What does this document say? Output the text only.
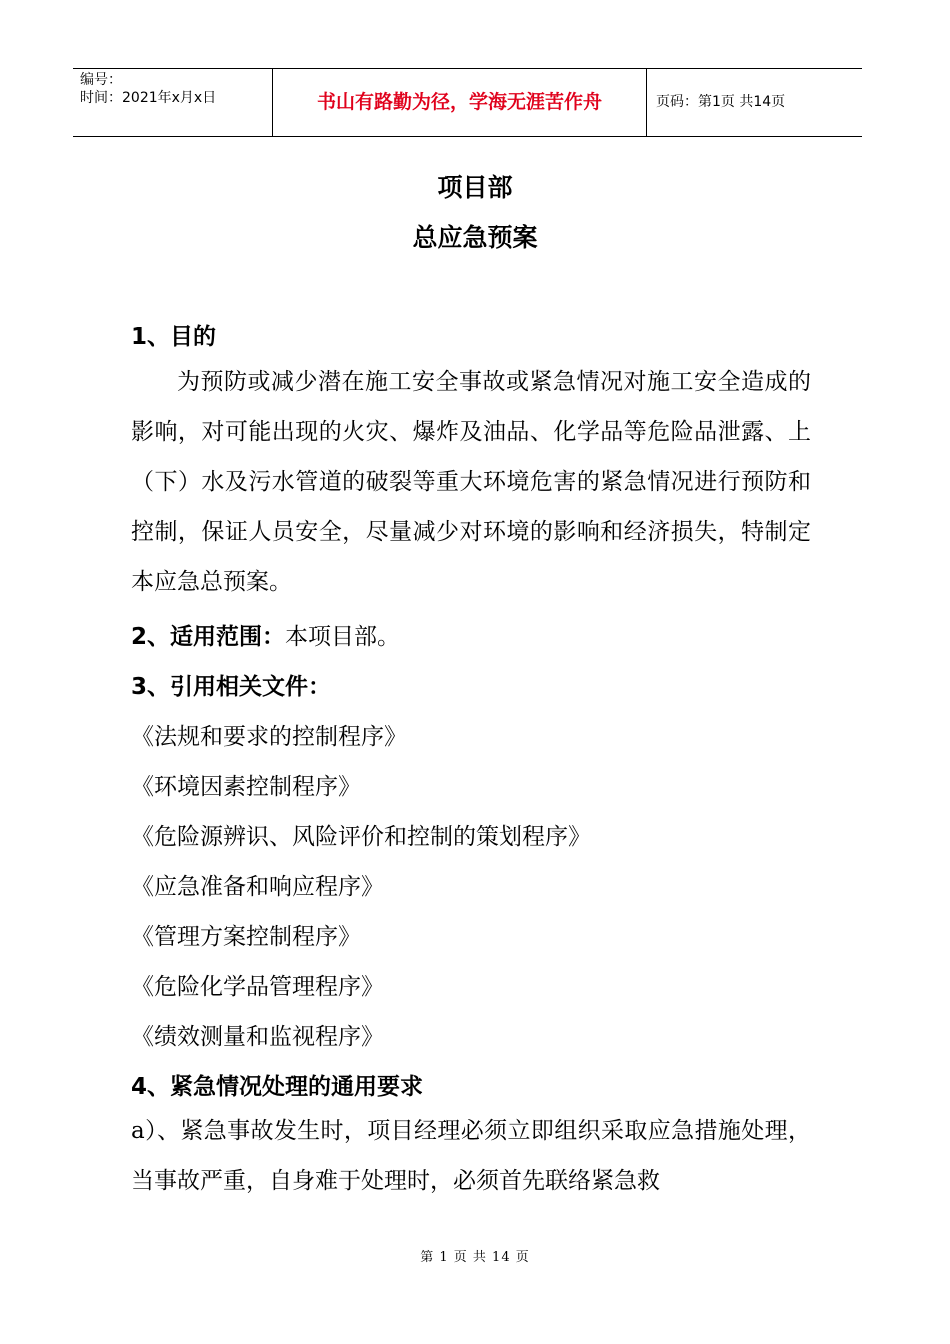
编号：
时间：2021年x月x日	书山有路勤为径，学海无涯苦作舟	页码：第1页 共14页
项目部
总应急预案
1、目的
为预防或减少潜在施工安全事故或紧急情况对施工安全造成的影响，对可能出现的火灾、爆炸及油品、化学品等危险品泄露、上（下）水及污水管道的破裂等重大环境危害的紧急情况进行预防和控制，保证人员安全，尽量减少对环境的影响和经济损失，特制定本应急总预案。
2、适用范围：本项目部。
3、引用相关文件：
《法规和要求的控制程序》
《环境因素控制程序》
《危险源辨识、风险评价和控制的策划程序》
《应急准备和响应程序》
《管理方案控制程序》
《危险化学品管理程序》
《绩效测量和监视程序》
4、紧急情况处理的通用要求
a）、紧急事故发生时，项目经理必须立即组织采取应急措施处理，当事故严重，自身难于处理时，必须首先联络紧急救
第 1 页 共 14 页
